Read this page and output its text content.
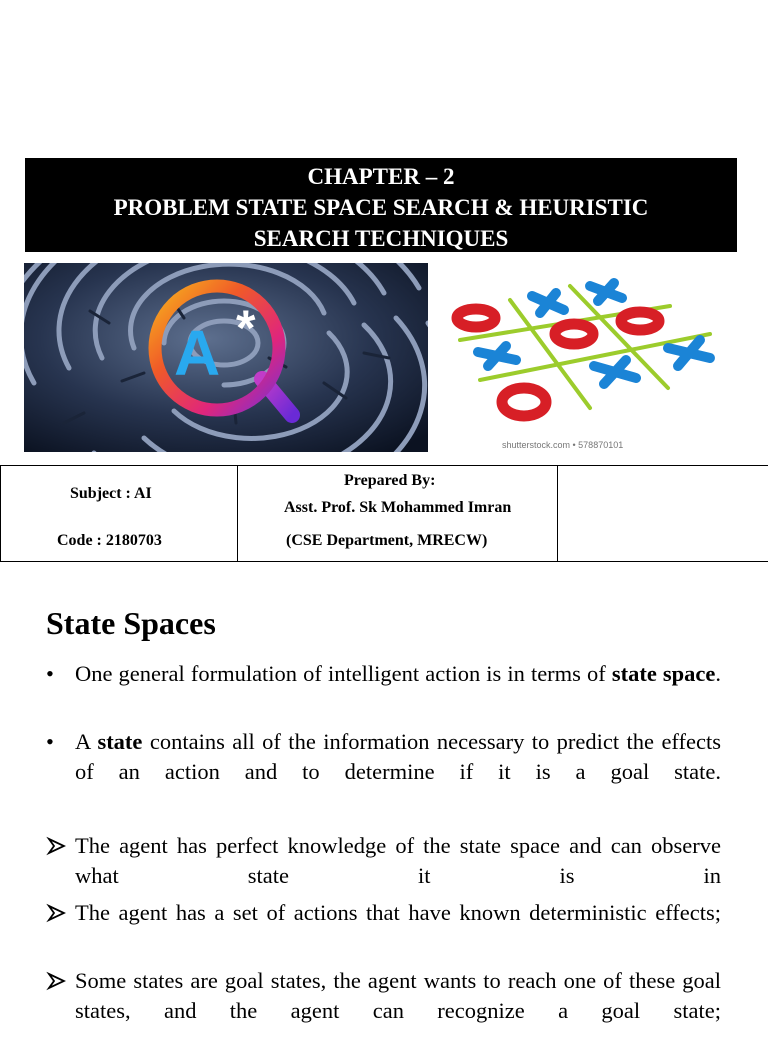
CHAPTER – 2
PROBLEM STATE SPACE SEARCH & HEURISTIC
SEARCH TECHNIQUES
A *
shutterstock.com • 578870101
Subject : AI
Code : 2180703

Prepared By:
Asst. Prof. Sk Mohammed Imran
(CSE Department, MRECW)

State Spaces
• One general formulation of intelligent action is in terms of state space.

• A state contains all of the information necessary to predict the effects of an action and to determine if it is a goal state.

The agent has perfect knowledge of the state space and can observe what state it is in

The agent has a set of actions that have known deterministic effects;

Some states are goal states, the agent wants to reach one of these goal states, and the agent can recognize a goal state;
